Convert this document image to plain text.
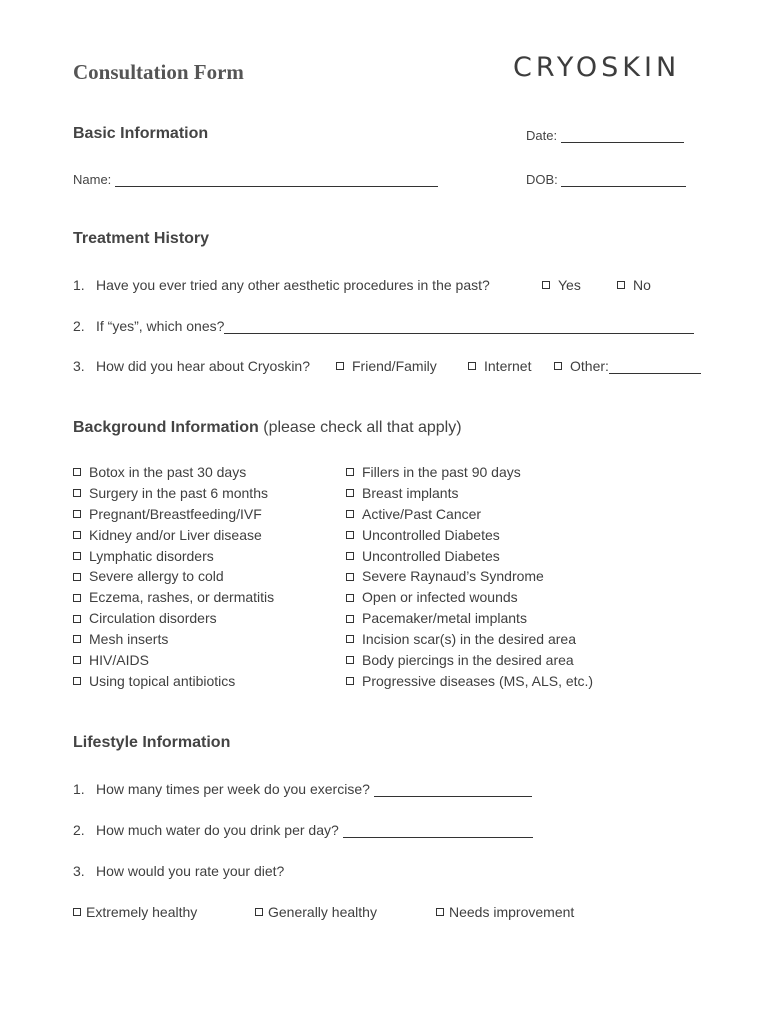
Consultation Form	CRYOSKIN
Basic Information	Date:
Name:	DOB:
Treatment History
1. Have you ever tried any other aesthetic procedures in the past?	Yes	No
2. If “yes”, which ones?
3. How did you hear about Cryoskin?	Friend/Family	Internet	Other:
Background Information (please check all that apply)
Botox in the past 30 days
Surgery in the past 6 months
Pregnant/Breastfeeding/IVF
Kidney and/or Liver disease
Lymphatic disorders
Severe allergy to cold
Eczema, rashes, or dermatitis
Circulation disorders
Mesh inserts
HIV/AIDS
Using topical antibiotics
Fillers in the past 90 days
Breast implants
Active/Past Cancer
Uncontrolled Diabetes
Uncontrolled Diabetes
Severe Raynaud’s Syndrome
Open or infected wounds
Pacemaker/metal implants
Incision scar(s) in the desired area
Body piercings in the desired area
Progressive diseases (MS, ALS, etc.)
Lifestyle Information
1. How many times per week do you exercise?
2. How much water do you drink per day?
3. How would you rate your diet?
Extremely healthy	Generally healthy	Needs improvement
